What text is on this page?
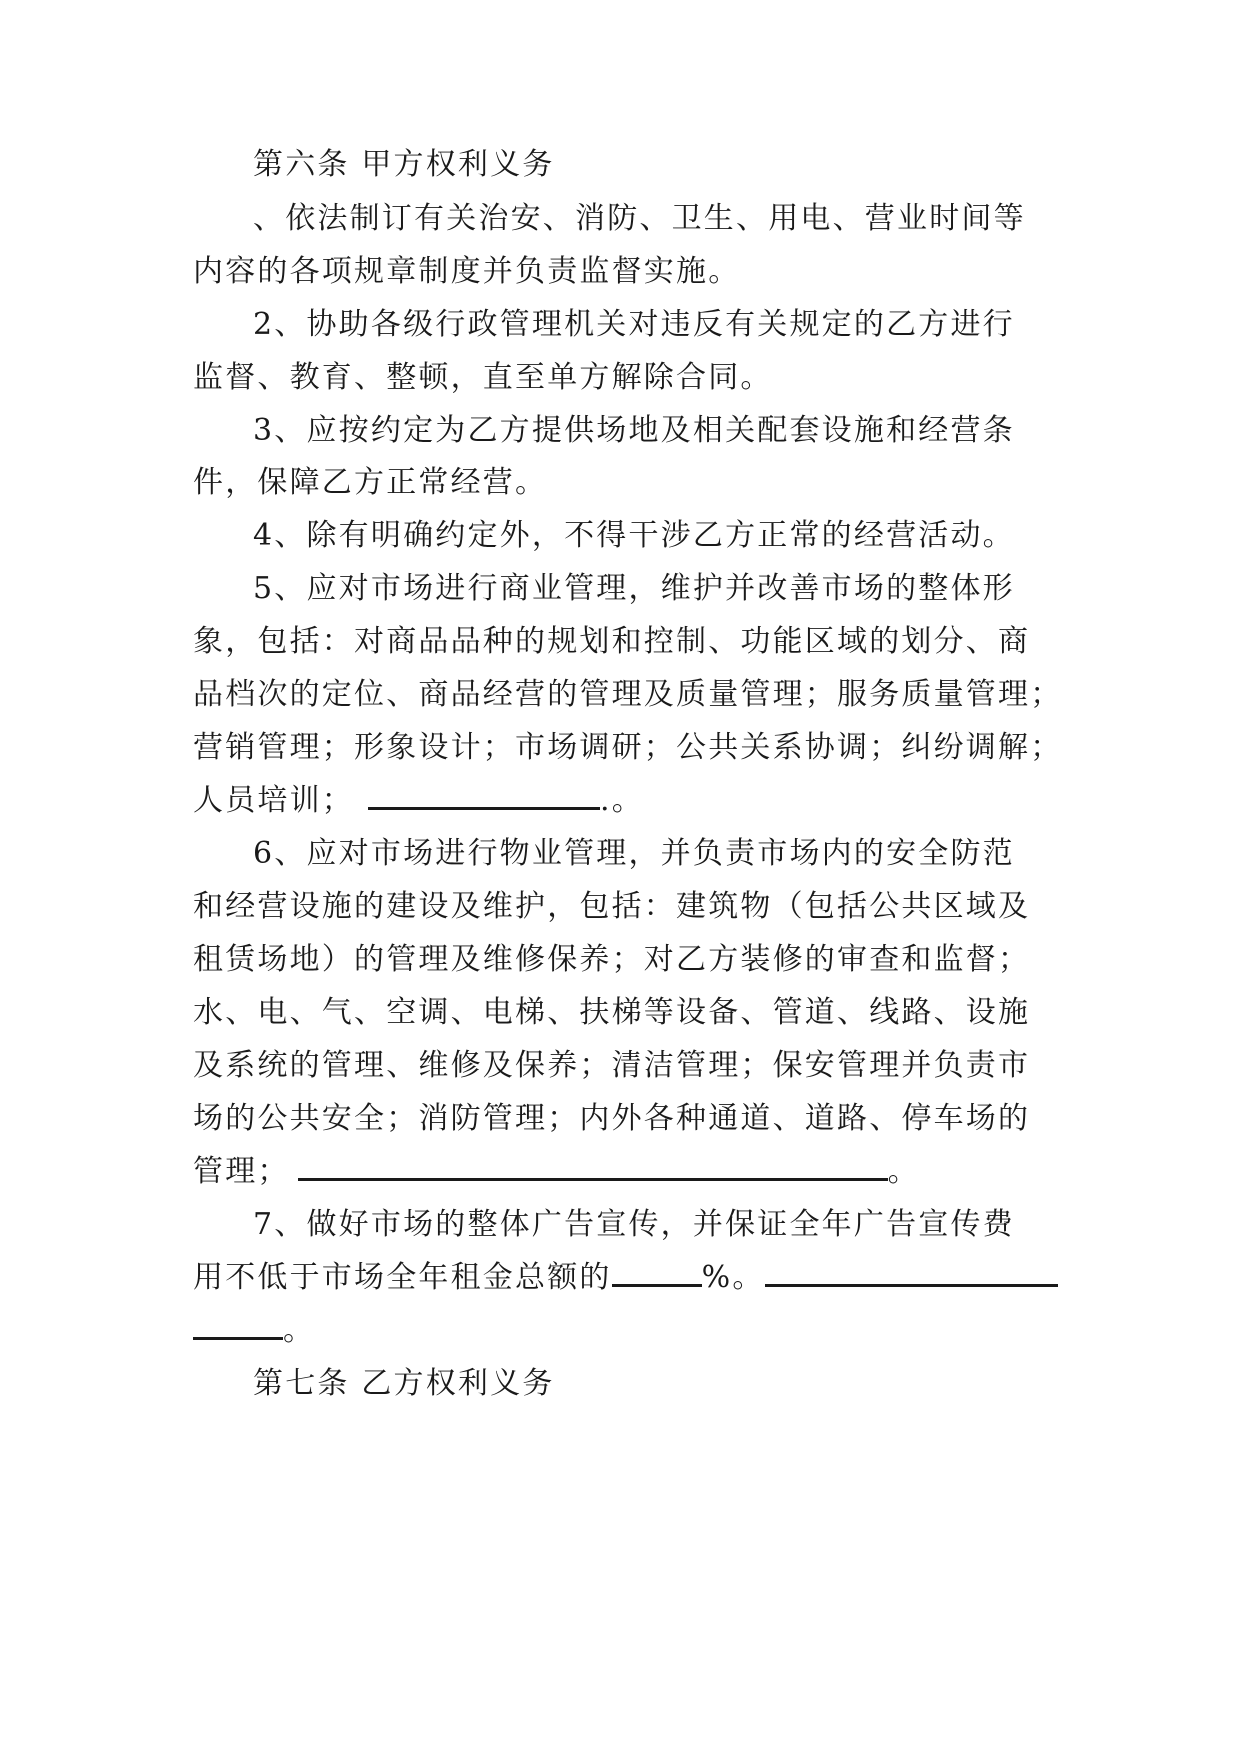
第六条 甲方权利义务
、依法制订有关治安、消防、卫生、用电、营业时间等
内容的各项规章制度并负责监督实施。
2、协助各级行政管理机关对违反有关规定的乙方进行
监督、教育、整顿，直至单方解除合同。
3、应按约定为乙方提供场地及相关配套设施和经营条
件，保障乙方正常经营。
4、除有明确约定外，不得干涉乙方正常的经营活动。
5、应对市场进行商业管理，维护并改善市场的整体形
象，包括：对商品品种的规划和控制、功能区域的划分、商
品档次的定位、商品经营的管理及质量管理；服务质量管理；
营销管理；形象设计；市场调研；公共关系协调；纠纷调解；
人员培训；	.。
6、应对市场进行物业管理，并负责市场内的安全防范
和经营设施的建设及维护，包括：建筑物（包括公共区域及
租赁场地）的管理及维修保养；对乙方装修的审查和监督；
水、电、气、空调、电梯、扶梯等设备、管道、线路、设施
及系统的管理、维修及保养；清洁管理；保安管理并负责市
场的公共安全；消防管理；内外各种通道、道路、停车场的
管理；	。
7、做好市场的整体广告宣传，并保证全年广告宣传费
用不低于市场全年租金总额的	%。
。
第七条 乙方权利义务
